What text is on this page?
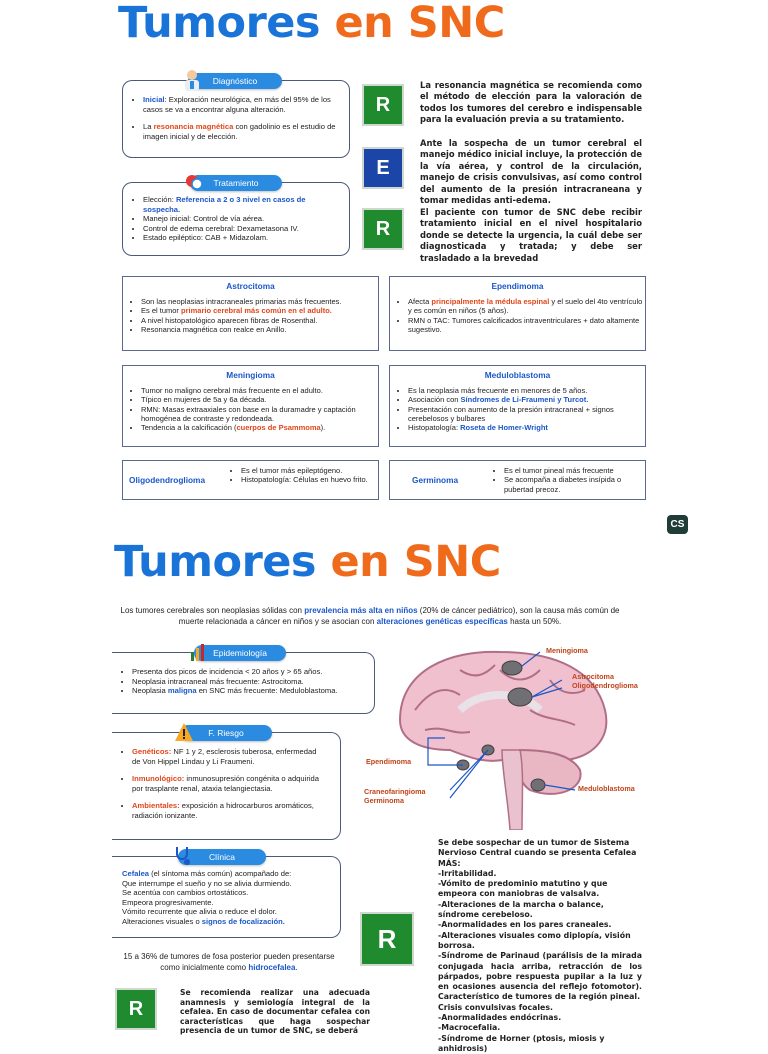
Tumores en SNC
• Inicial: Exploración neurológica, en más del 95% de los casos se va a encontrar alguna alteración.
• La resonancia magnética con gadolinio es el estudio de imagen inicial y de elección.
Diagnóstico
• Elección: Referencia a 2 o 3 nivel en casos de sospecha.
• Manejo inicial: Control de vía aérea.
• Control de edema cerebral: Dexametasona IV.
• Estado epiléptico: CAB + Midazolam.
Tratamiento
R
E
R
La resonancia magnética se recomienda como el método de elección para la valoración de todos los tumores del cerebro e indispensable para la evaluación previa a su tratamiento.
Ante la sospecha de un tumor cerebral el manejo médico inicial incluye, la protección de la vía aérea, y control de la circulación, manejo de crisis convulsivas, así como control del aumento de la presión intracraneana y tomar medidas anti-edema.
El paciente con tumor de SNC debe recibir tratamiento inicial en el nivel hospitalario donde se detecte la urgencia, la cuál debe ser diagnosticada y tratada; y debe ser trasladado a la brevedad
Astrocitoma
• Son las neoplasias intracraneales primarias más frecuentes.
• Es el tumor primario cerebral más común en el adulto.
• A nivel histopatológico aparecen fibras de Rosenthal.
• Resonancia magnética con realce en Anillo.
Ependimoma
• Afecta principalmente la médula espinal y el suelo del 4to ventrículo y es común en niños (5 años).
• RMN o TAC: Tumores calcificados intraventriculares + dato altamente sugestivo.
Meningioma
• Tumor no maligno cerebral más frecuente en el adulto.
• Típico en mujeres de 5a y 6a década.
• RMN: Masas extraaxiales con base en la duramadre y captación homogénea de contraste y redondeada.
• Tendencia a la calcificación (cuerpos de Psammoma).
Meduloblastoma
• Es la neoplasia más frecuente en menores de 5 años.
• Asociación con Síndromes de Li-Fraumeni y Turcot.
• Presentación con aumento de la presión intracraneal + signos cerebelosos y bulbares
• Histopatología: Roseta de Homer-Wright
Oligodendroglioma
• Es el tumor más epileptógeno.
• Histopatología: Células en huevo frito.	Germinoma
• Es el tumor pineal más frecuente
• Se acompaña a diabetes insípida o pubertad precoz.
CS
Tumores en SNC
Los tumores cerebrales son neoplasias sólidas con prevalencia más alta en niños (20% de cáncer pediátrico), son la causa más común de muerte relacionada a cáncer en niños y se asocian con alteraciones genéticas específicas hasta un 50%.
• Presenta dos picos de incidencia < 20 años y > 65 años.
• Neoplasia intracraneal más frecuente: Astrocitoma.
• Neoplasia maligna en SNC más frecuente: Meduloblastoma.
Epidemiología
• Genéticos: NF 1 y 2, esclerosis tuberosa, enfermedad de Von Hippel Lindau y Li Fraumeni.
• Inmunológico: inmunosupresión congénita o adquirida por trasplante renal, ataxia telangiectasia.
• Ambientales: exposición a hidrocarburos aromáticos, radiación ionizante.
F. Riesgo
Cefalea (el síntoma más común) acompañado de:
Que interrumpe el sueño y no se alivia durmiendo.
Se acentúa con cambios ortostáticos.
Empeora progresivamente.
Vómito recurrente que alivia o reduce el dolor.
Alteraciones visuales o signos de focalización.
Clínica
15 a 36% de tumores de fosa posterior pueden presentarse como inicialmente como hidrocefalea.
R
Se recomienda realizar una adecuada anamnesis y semiología integral de la cefalea. En caso de documentar cefalea con características que haga sospechar presencia de un tumor de SNC, se deberá
R
Meningioma
Astrocitoma
Oligodendroglioma
Ependimoma
Craneofaringioma
Germinoma
Meduloblastoma
Se debe sospechar de un tumor de Sistema Nervioso Central cuando se presenta Cefalea MÁS:
-Irritabilidad.
-Vómito de predominio matutino y que empeora con maniobras de valsalva.
-Alteraciones de la marcha o balance, síndrome cerebeloso.
-Anormalidades en los pares craneales.
-Alteraciones visuales como diplopía, visión borrosa.
-Síndrome de Parinaud (parálisis de la mirada conjugada hacia arriba, retracción de los párpados, pobre respuesta pupilar a la luz y en ocasiones ausencia del reflejo fotomotor). Característico de tumores de la región pineal.
Crisis convulsivas focales.
-Anormalidades endócrinas.
-Macrocefalia.
-Síndrome de Horner (ptosis, miosis y anhidrosis)
